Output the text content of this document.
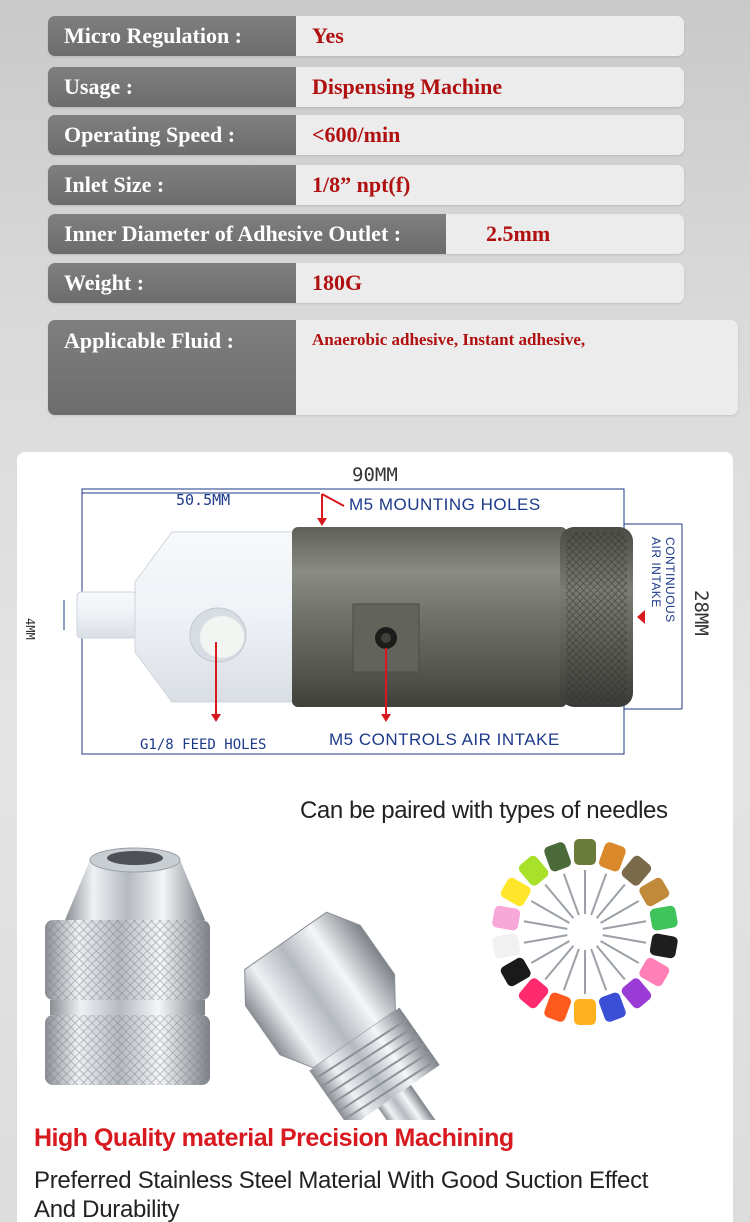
Micro Regulation :	Yes
Usage :	Dispensing Machine
Operating Speed :	<600/min
Inlet Size :	1/8” npt(f)
Inner Diameter of Adhesive Outlet :	2.5mm
Weight :	180G
Applicable Fluid :	Anaerobic adhesive, Instant adhesive,
90MM
50.5MM	M5 MOUNTING HOLES
4MM	28MM
CONTINUOUS AIR INTAKE
G1/8 FEED HOLES	M5 CONTROLS AIR INTAKE
Can be paired with types of needles
High Quality material Precision Machining
Preferred Stainless Steel Material With Good Suction Effect And Durability
